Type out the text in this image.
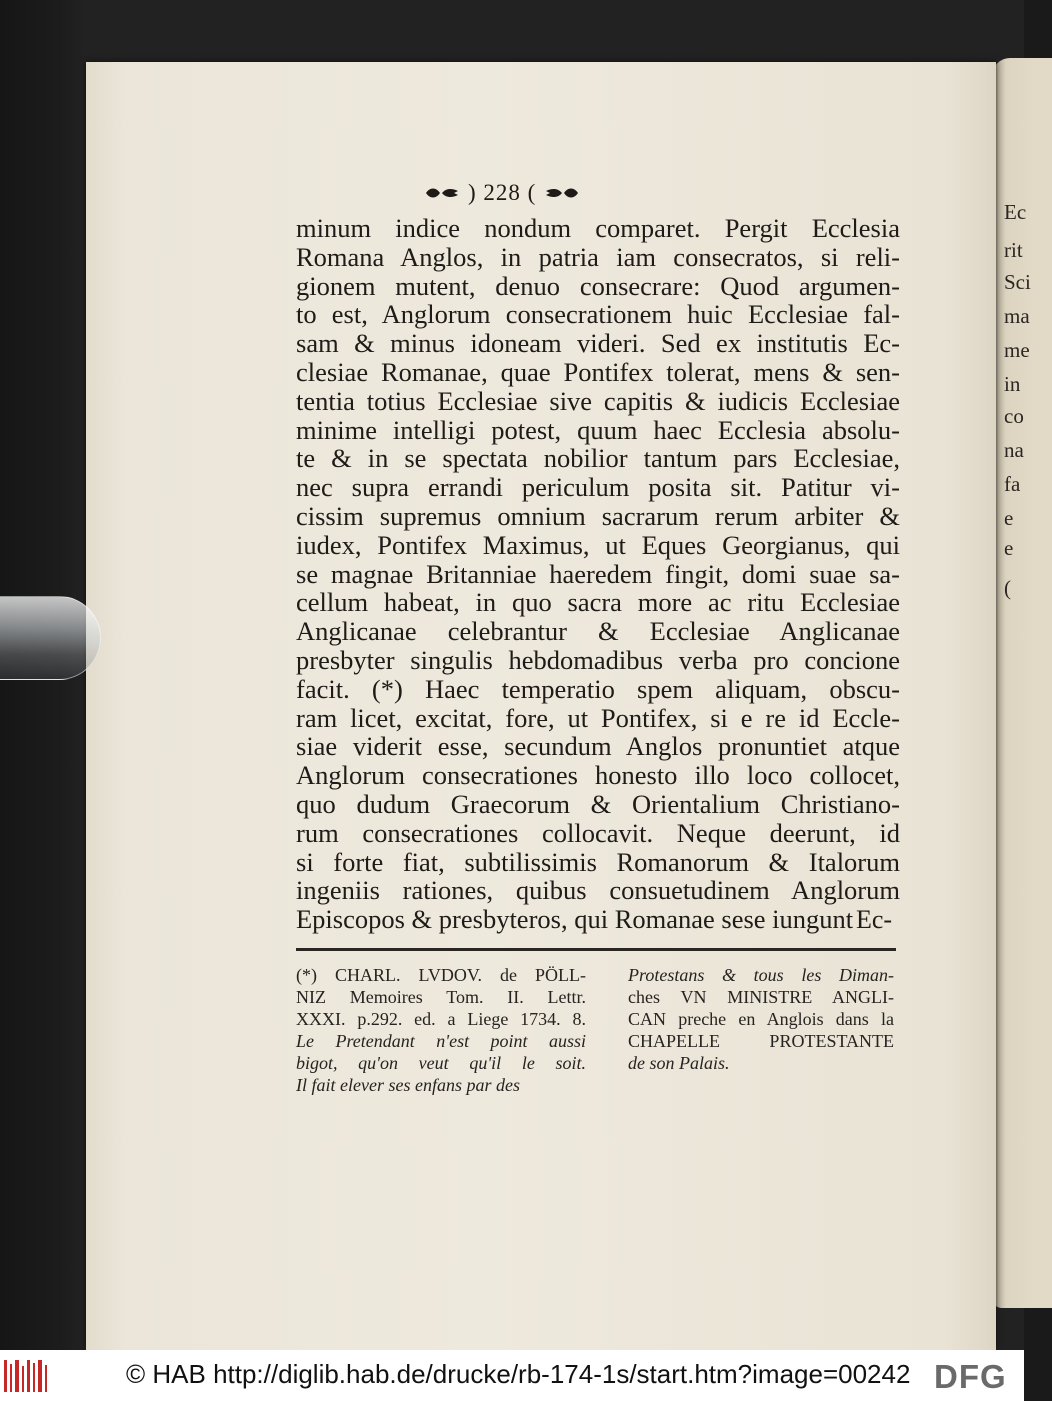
Ec
rit
Sci
ma
me
in
co
na
fa
e
e
(
) 228 (
minum indice nondum comparet. Pergit Ecclesia
Romana Anglos, in patria iam consecratos, si reli-
gionem mutent, denuo consecrare: Quod argumen-
to est, Anglorum consecrationem huic Ecclesiae fal-
sam & minus idoneam videri. Sed ex institutis Ec-
clesiae Romanae, quae Pontifex tolerat, mens & sen-
tentia totius Ecclesiae sive capitis & iudicis Ecclesiae
minime intelligi potest, quum haec Ecclesia absolu-
te & in se spectata nobilior tantum pars Ecclesiae,
nec supra errandi periculum posita sit. Patitur vi-
cissim supremus omnium sacrarum rerum arbiter &
iudex, Pontifex Maximus, ut Eques Georgianus, qui
se magnae Britanniae haeredem fingit, domi suae sa-
cellum habeat, in quo sacra more ac ritu Ecclesiae
Anglicanae celebrantur & Ecclesiae Anglicanae
presbyter singulis hebdomadibus verba pro concione
facit. (*) Haec temperatio spem aliquam, obscu-
ram licet, excitat, fore, ut Pontifex, si e re id Eccle-
siae viderit esse, secundum Anglos pronuntiet atque
Anglorum consecrationes honesto illo loco collocet,
quo dudum Graecorum & Orientalium Christiano-
rum consecrationes collocavit. Neque deerunt, id
si forte fiat, subtilissimis Romanorum & Italorum
ingeniis rationes, quibus consuetudinem Anglorum
Episcopos & presbyteros, qui Romanae sese iungunt Ec-
(*) CHARL. LVDOV. de PÖLL-
NIZ Memoires Tom. II. Lettr.
XXXI. p.292. ed. a Liege 1734. 8.
Le Pretendant n'est point aussi
bigot, qu'on veut qu'il le soit.
Il fait elever ses enfans par des
Protestans & tous les Diman-
ches VN MINISTRE ANGLI-
CAN preche en Anglois dans la
CHAPELLE PROTESTANTE
de son Palais.
© HAB http://diglib.hab.de/drucke/rb-174-1s/start.htm?image=00242 DFG
